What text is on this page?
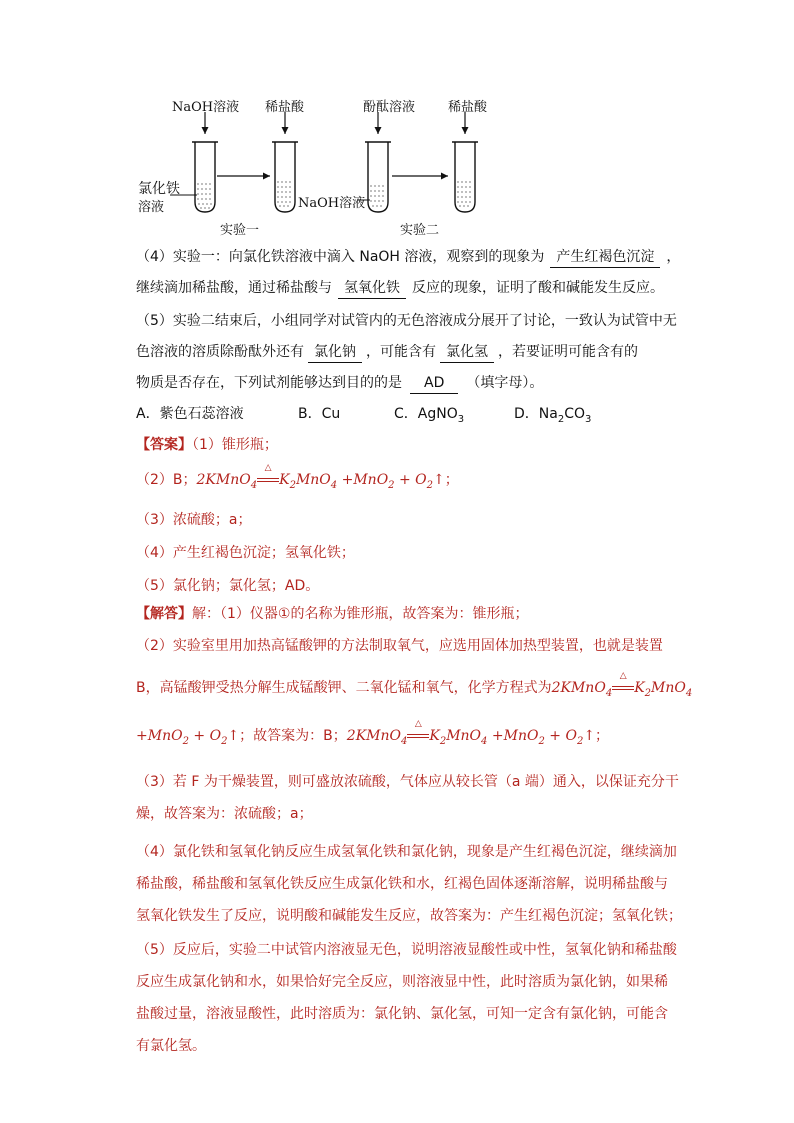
NaOH溶液 稀盐酸	酚酞溶液	稀盐酸
氯化铁
溶液	NaOH溶液
实验一	实验二
（4）实验一：向氯化铁溶液中滴入 NaOH 溶液，观察到的现象为 产生红褐色沉淀 ，
继续滴加稀盐酸，通过稀盐酸与 氢氧化铁 反应的现象，证明了酸和碱能发生反应。
（5）实验二结束后，小组同学对试管内的无色溶液成分展开了讨论，一致认为试管中无
色溶液的溶质除酚酞外还有 氯化钠 ，可能含有 氯化氢 ，若要证明可能含有的
物质是否存在，下列试剂能够达到目的的是 AD （填字母）。
A．紫色石蕊溶液	B．Cu	C．AgNO$_3$	D．$Na_2CO_3$
【答案】（1）锥形瓶；
（2）B；2KMnO$_4$
△
$K_2MnO_4 +MnO_2$ + $O_2↑$；
（3）浓硫酸；a；
（4）产生红褐色沉淀；氢氧化铁；
（5）氯化钠；氯化氢；AD。
【解答】解：（1）仪器①的名称为锥形瓶，故答案为：锥形瓶；
（2）实验室里用加热高锰酸钾的方法制取氧气，应选用固体加热型装置，也就是装置
B，高锰酸钾受热分解生成锰酸钾、二氧化锰和氧气，化学方程式为2KMnO$_4$
△
$K_2MnO_4$
$+MnO_2 + O_2↑$；故答案为：B；2KMnO$_4$
△
$K_2MnO_4 +MnO_2$ + $O_2↑$；
（3）若 F 为干燥装置，则可盛放浓硫酸，气体应从较长管（a 端）通入，以保证充分干
燥，故答案为：浓硫酸；a；
（4）氯化铁和氢氧化钠反应生成氢氧化铁和氯化钠，现象是产生红褐色沉淀，继续滴加
稀盐酸，稀盐酸和氢氧化铁反应生成氯化铁和水，红褐色固体逐渐溶解，说明稀盐酸与
氢氧化铁发生了反应，说明酸和碱能发生反应，故答案为：产生红褐色沉淀；氢氧化铁；
（5）反应后，实验二中试管内溶液显无色，说明溶液显酸性或中性，氢氧化钠和稀盐酸
反应生成氯化钠和水，如果恰好完全反应，则溶液显中性，此时溶质为氯化钠，如果稀
盐酸过量，溶液显酸性，此时溶质为：氯化钠、氯化氢，可知一定含有氯化钠，可能含
有氯化氢。
